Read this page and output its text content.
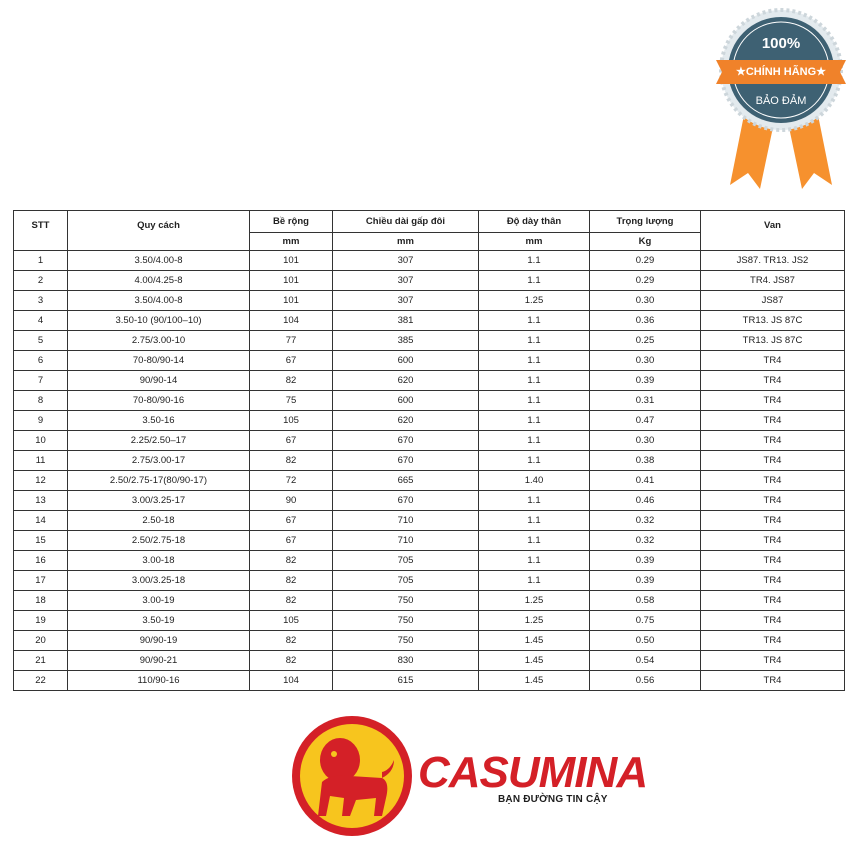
100%
★CHÍNH HÃNG★
BẢO ĐẢM
STT	Quy cách	Bề rộng	Chiều dài gấp đôi	Độ dày thân	Trọng lượng	Van
		mm	mm	mm	Kg	
1	3.50/4.00-8	101	307	1.1	0.29	JS87. TR13. JS2
2	4.00/4.25-8	101	307	1.1	0.29	TR4. JS87
3	3.50/4.00-8	101	307	1.25	0.30	JS87
4	3.50-10 (90/100–10)	104	381	1.1	0.36	TR13. JS 87C
5	2.75/3.00-10	77	385	1.1	0.25	TR13. JS 87C
6	70-80/90-14	67	600	1.1	0.30	TR4
7	90/90-14	82	620	1.1	0.39	TR4
8	70-80/90-16	75	600	1.1	0.31	TR4
9	3.50-16	105	620	1.1	0.47	TR4
10	2.25/2.50–17	67	670	1.1	0.30	TR4
11	2.75/3.00-17	82	670	1.1	0.38	TR4
12	2.50/2.75-17(80/90-17)	72	665	1.40	0.41	TR4
13	3.00/3.25-17	90	670	1.1	0.46	TR4
14	2.50-18	67	710	1.1	0.32	TR4
15	2.50/2.75-18	67	710	1.1	0.32	TR4
16	3.00-18	82	705	1.1	0.39	TR4
17	3.00/3.25-18	82	705	1.1	0.39	TR4
18	3.00-19	82	750	1.25	0.58	TR4
19	3.50-19	105	750	1.25	0.75	TR4
20	90/90-19	82	750	1.45	0.50	TR4
21	90/90-21	82	830	1.45	0.54	TR4
22	110/90-16	104	615	1.45	0.56	TR4
CASUMINA
BẠN ĐƯỜNG TIN CẬY
